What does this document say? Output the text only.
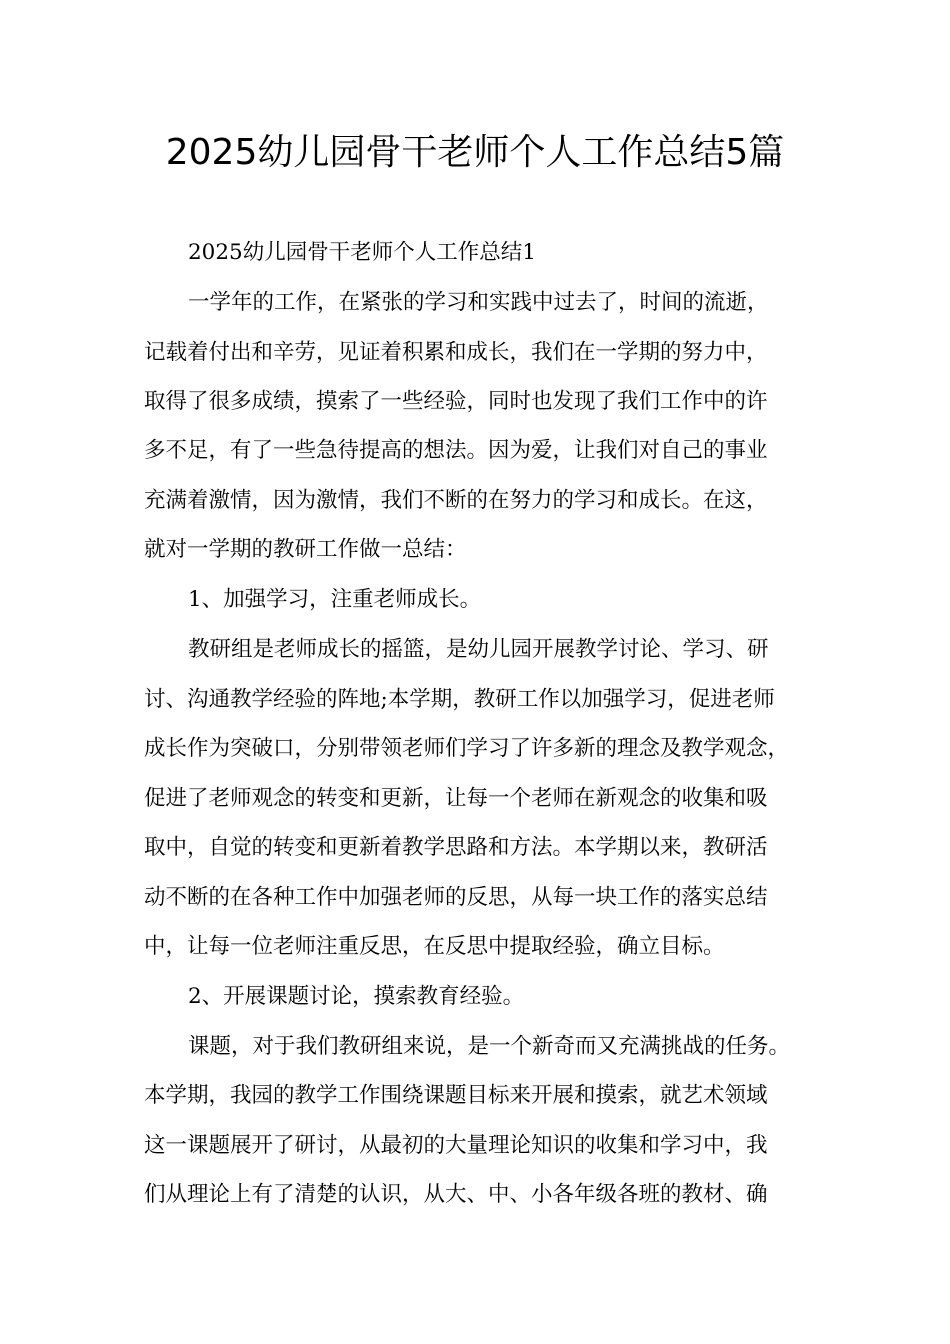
2025幼儿园骨干老师个人工作总结5篇
2025幼儿园骨干老师个人工作总结1
一学年的工作，在紧张的学习和实践中过去了，时间的流逝，
记载着付出和辛劳，见证着积累和成长，我们在一学期的努力中，
取得了很多成绩，摸索了一些经验，同时也发现了我们工作中的许
多不足，有了一些急待提高的想法。因为爱，让我们对自己的事业
充满着激情，因为激情，我们不断的在努力的学习和成长。在这，
就对一学期的教研工作做一总结：
1、加强学习，注重老师成长。
教研组是老师成长的摇篮，是幼儿园开展教学讨论、学习、研
讨、沟通教学经验的阵地;本学期，教研工作以加强学习，促进老师
成长作为突破口，分别带领老师们学习了许多新的理念及教学观念，
促进了老师观念的转变和更新，让每一个老师在新观念的收集和吸
取中，自觉的转变和更新着教学思路和方法。本学期以来，教研活
动不断的在各种工作中加强老师的反思，从每一块工作的落实总结
中，让每一位老师注重反思，在反思中提取经验，确立目标。
2、开展课题讨论，摸索教育经验。
课题，对于我们教研组来说，是一个新奇而又充满挑战的任务。
本学期，我园的教学工作围绕课题目标来开展和摸索，就艺术领域
这一课题展开了研讨，从最初的大量理论知识的收集和学习中，我
们从理论上有了清楚的认识，从大、中、小各年级各班的教材、确
